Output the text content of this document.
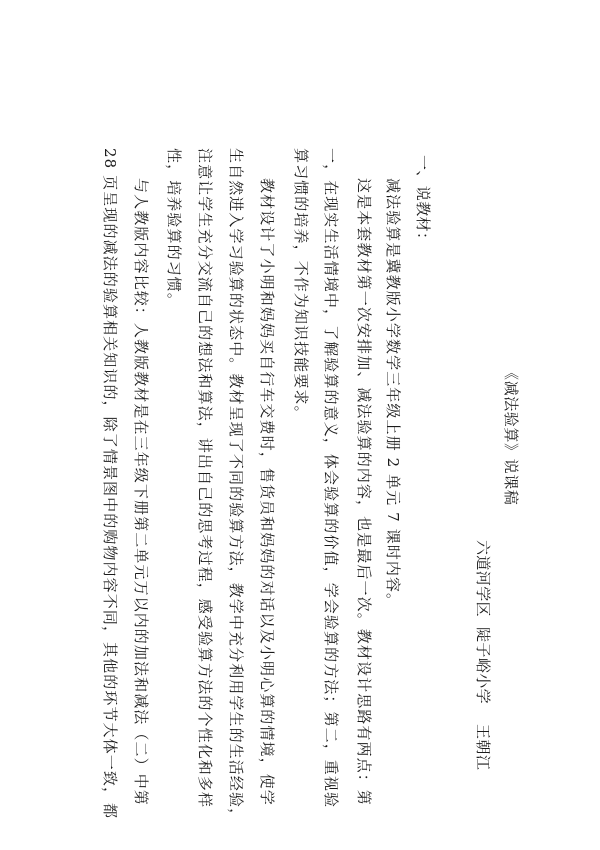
《减法验算》说课稿
六道河学区陡子峪小学王朝江
一、说教材：
减法验算是冀教版小学数学三年级上册 2 单元 7 课时内容。
这是本套教材第一次安排加、减法验算的内容，也是最后一次。教材设计思路有两点：第
一，在现实生活情境中，了解验算的意义，体会验算的价值，学会验算的方法；第二，重视验
算习惯的培养，不作为知识技能要求。
教材设计了小明和妈妈买自行车交费时，售货员和妈妈的对话以及小明心算的情境，使学
生自然进入学习验算的状态中。教材呈现了不同的验算方法，教学中充分利用学生的生活经验，
注意让学生充分交流自己的想法和算法，讲出自己的思考过程，感受验算方法的个性化和多样
性，培养验算的习惯。
与人教版内容比较：人教版教材是在三年级下册第二单元万以内的加法和减法（二）中第
28 页呈现的减法的验算相关知识的，除了情景图中的购物内容不同，其他的环节大体一致，都
